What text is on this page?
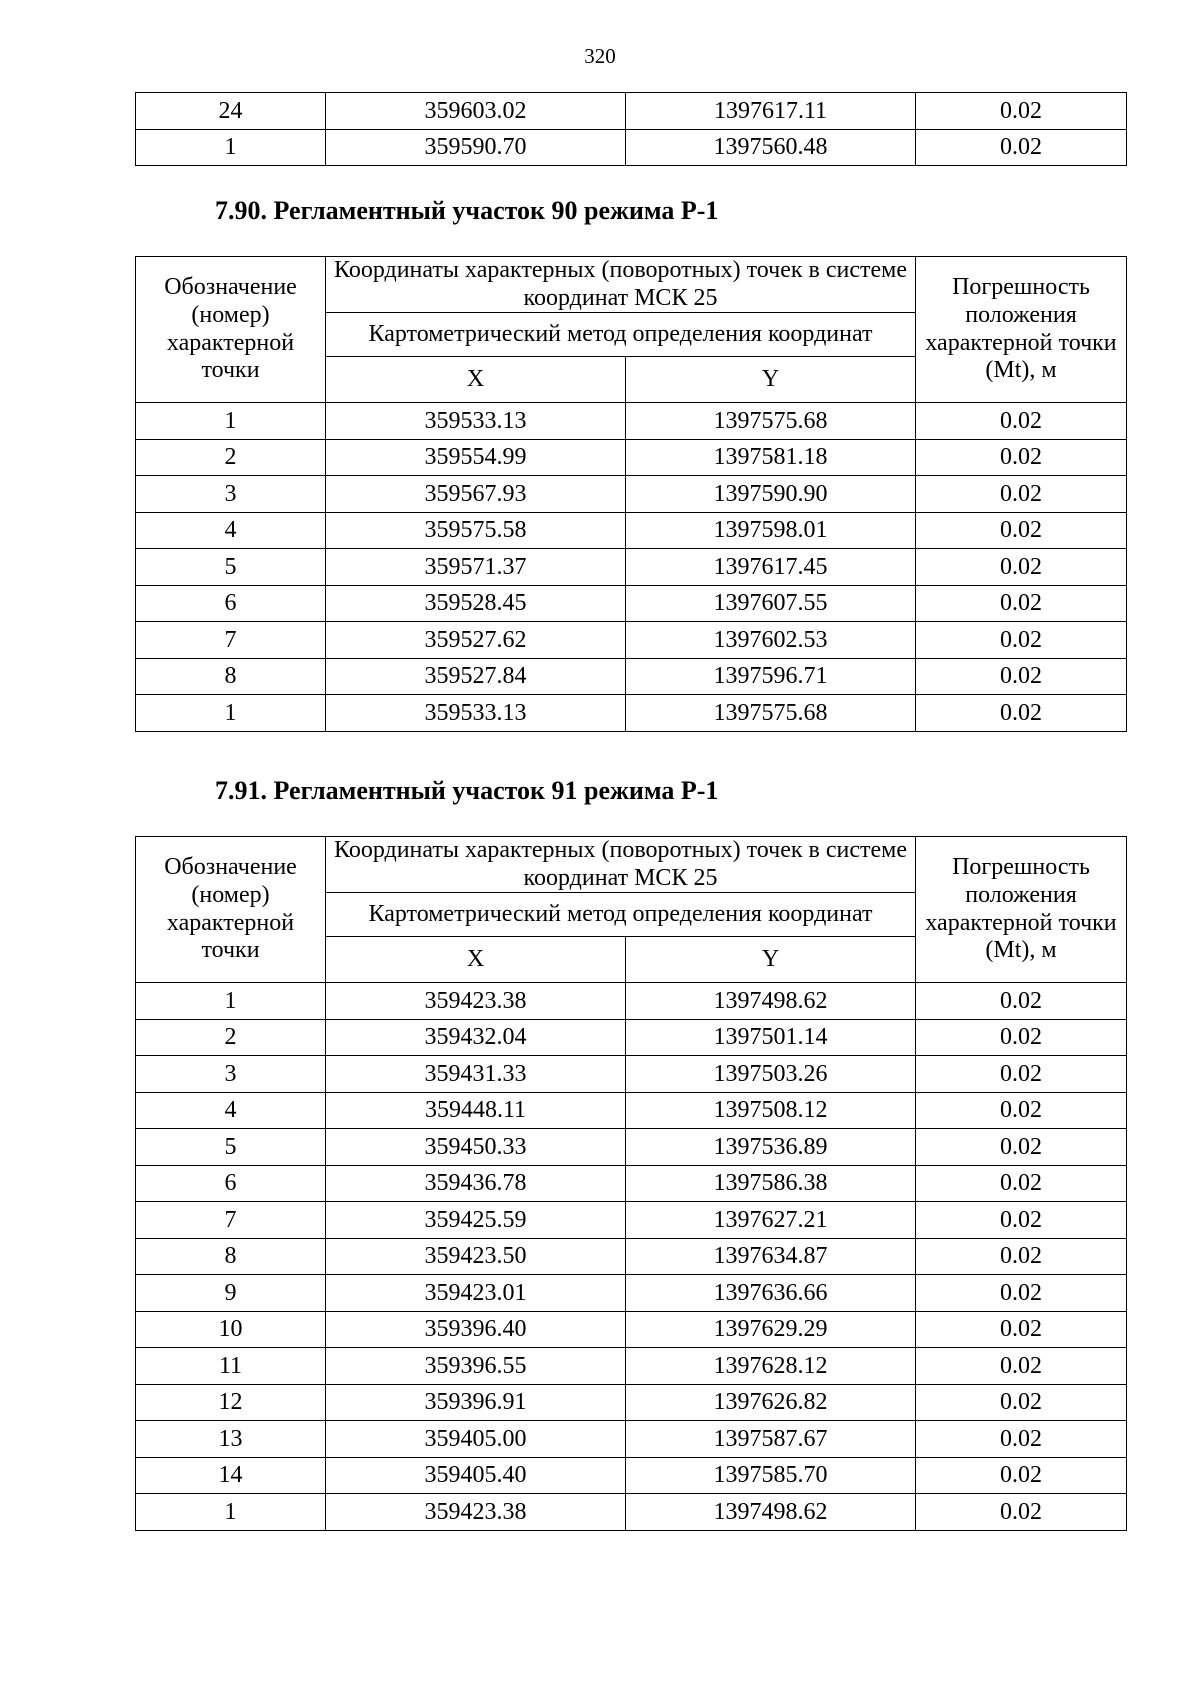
320
24	359603.02	1397617.11	0.02
1	359590.70	1397560.48	0.02
7.90. Регламентный участок 90 режима Р-1
Обозначение (номер) характерной точки	Координаты характерных (поворотных) точек в системе координат МСК 25		Погрешность положения характерной точки (Mt), м
	Картометрический метод определения координат		
	X	Y	
1	359533.13	1397575.68	0.02
2	359554.99	1397581.18	0.02
3	359567.93	1397590.90	0.02
4	359575.58	1397598.01	0.02
5	359571.37	1397617.45	0.02
6	359528.45	1397607.55	0.02
7	359527.62	1397602.53	0.02
8	359527.84	1397596.71	0.02
1	359533.13	1397575.68	0.02
7.91. Регламентный участок 91 режима Р-1
Обозначение (номер) характерной точки	Координаты характерных (поворотных) точек в системе координат МСК 25		Погрешность положения характерной точки (Mt), м
	Картометрический метод определения координат		
	X	Y	
1	359423.38	1397498.62	0.02
2	359432.04	1397501.14	0.02
3	359431.33	1397503.26	0.02
4	359448.11	1397508.12	0.02
5	359450.33	1397536.89	0.02
6	359436.78	1397586.38	0.02
7	359425.59	1397627.21	0.02
8	359423.50	1397634.87	0.02
9	359423.01	1397636.66	0.02
10	359396.40	1397629.29	0.02
11	359396.55	1397628.12	0.02
12	359396.91	1397626.82	0.02
13	359405.00	1397587.67	0.02
14	359405.40	1397585.70	0.02
1	359423.38	1397498.62	0.02
